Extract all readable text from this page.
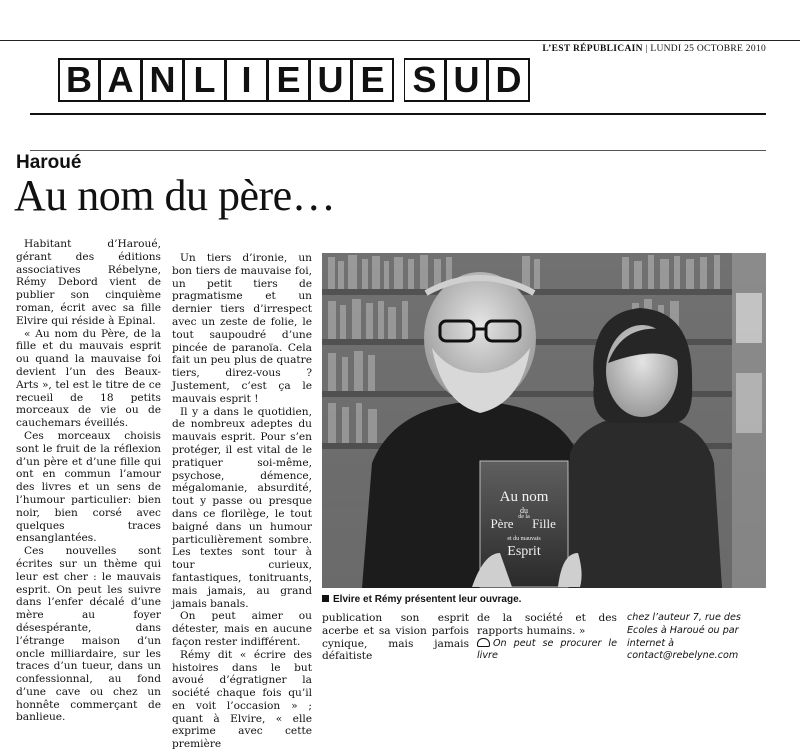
L’EST RÉPUBLICAIN | LUNDI 25 OCTOBRE 2010
B A N L I E U E S U D
Haroué
Au nom du père…

Habitant d’Haroué, gérant des éditions associatives Rébelyne, Rémy Debord vient de publier son cinquième roman, écrit avec sa fille Elvire qui réside à Epinal.

« Au nom du Père, de la fille et du mauvais esprit ou quand la mauvaise foi devient l’un des Beaux-Arts », tel est le titre de ce recueil de 18 petits morceaux de vie ou de cauchemars éveillés.

Ces morceaux choisis sont le fruit de la réflexion d’un père et d’une fille qui ont en commun l’amour des livres et un sens de l’humour particulier: bien noir, bien corsé avec quelques traces ensanglantées.

Ces nouvelles sont écrites sur un thème qui leur est cher : le mauvais esprit. On peut les suivre dans l’enfer décalé d’une mère au foyer désespérante, dans l’étrange maison d’un oncle milliardaire, sur les traces d’un tueur, dans un confessionnal, au fond d’une cave ou chez un honnête commerçant de banlieue.

Un tiers d’ironie, un bon tiers de mauvaise foi, un petit tiers de pragmatisme et un dernier tiers d’irrespect avec un zeste de folie, le tout saupoudré d’une pincée de paranoïa. Cela fait un peu plus de quatre tiers, direz-vous ? Justement, c’est ça le mauvais esprit !

Il y a dans le quotidien, de nombreux adeptes du mauvais esprit. Pour s’en protéger, il est vital de le pratiquer soi-même, psychose, démence, mégalomanie, absurdité, tout y passe ou presque dans ce florilège, le tout baigné dans un humour particulièrement sombre. Les textes sont tour à tour curieux, fantastiques, tonitruants, mais jamais, au grand jamais banals.

On peut aimer ou détester, mais en aucune façon rester indifférent.

Rémy dit « écrire des histoires dans le but avoué d’égratigner la société chaque fois qu’il en voit l’occasion » ; quant à Elvire, « elle exprime avec cette première

Au nom
du
Père de la Fille
et du mauvais
Esprit
Elvire et Rémy présentent leur ouvrage.

publication son esprit acerbe et sa vision parfois cynique, mais jamais défaitiste

de la société et des rapports humains. »

On peut se procurer le livre

chez l’auteur 7, rue des Ecoles à Haroué ou par internet à contact@rebelyne.com
